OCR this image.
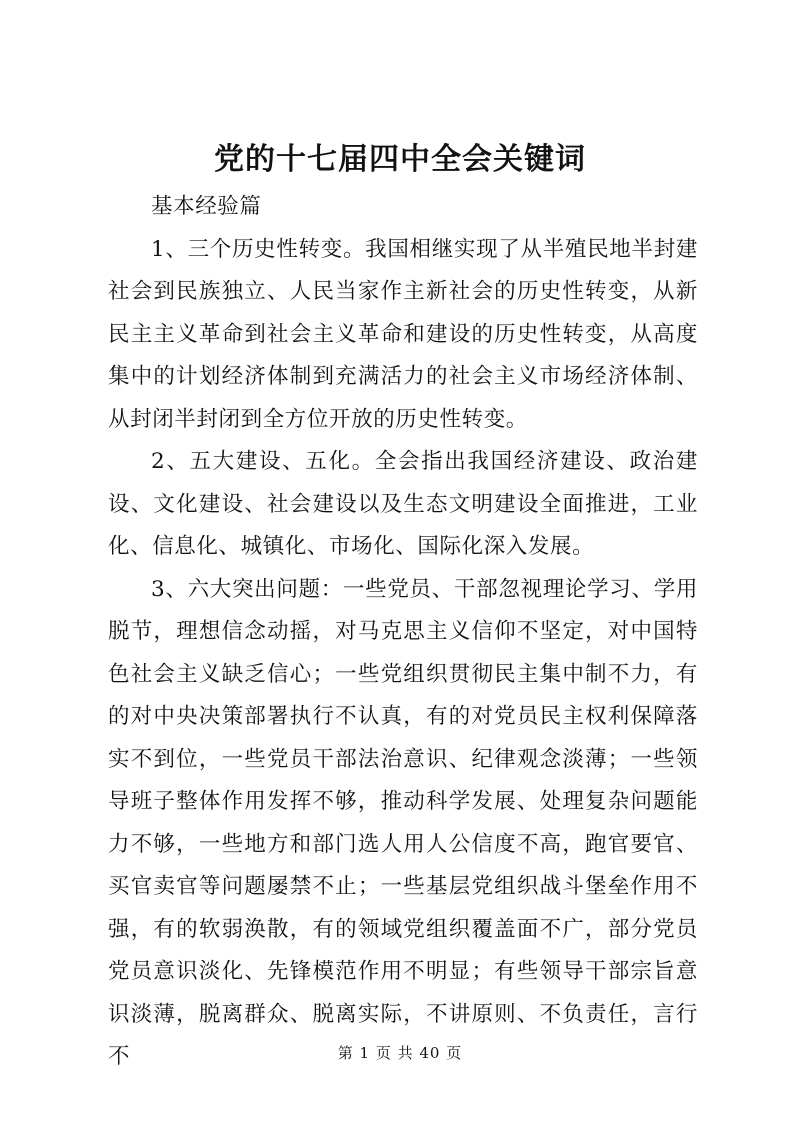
党的十七届四中全会关键词

基本经验篇

1、三个历史性转变。我国相继实现了从半殖民地半封建社会到民族独立、人民当家作主新社会的历史性转变，从新民主主义革命到社会主义革命和建设的历史性转变，从高度集中的计划经济体制到充满活力的社会主义市场经济体制、从封闭半封闭到全方位开放的历史性转变。

2、五大建设、五化。全会指出我国经济建设、政治建设、文化建设、社会建设以及生态文明建设全面推进，工业化、信息化、城镇化、市场化、国际化深入发展。

3、六大突出问题：一些党员、干部忽视理论学习、学用脱节，理想信念动摇，对马克思主义信仰不坚定，对中国特色社会主义缺乏信心；一些党组织贯彻民主集中制不力，有的对中央决策部署执行不认真，有的对党员民主权利保障落实不到位，一些党员干部法治意识、纪律观念淡薄；一些领导班子整体作用发挥不够，推动科学发展、处理复杂问题能力不够，一些地方和部门选人用人公信度不高，跑官要官、买官卖官等问题屡禁不止；一些基层党组织战斗堡垒作用不强，有的软弱涣散，有的领域党组织覆盖面不广，部分党员党员意识淡化、先锋模范作用不明显；有些领导干部宗旨意识淡薄，脱离群众、脱离实际，不讲原则、不负责任，言行不	第 1 页 共 40 页
